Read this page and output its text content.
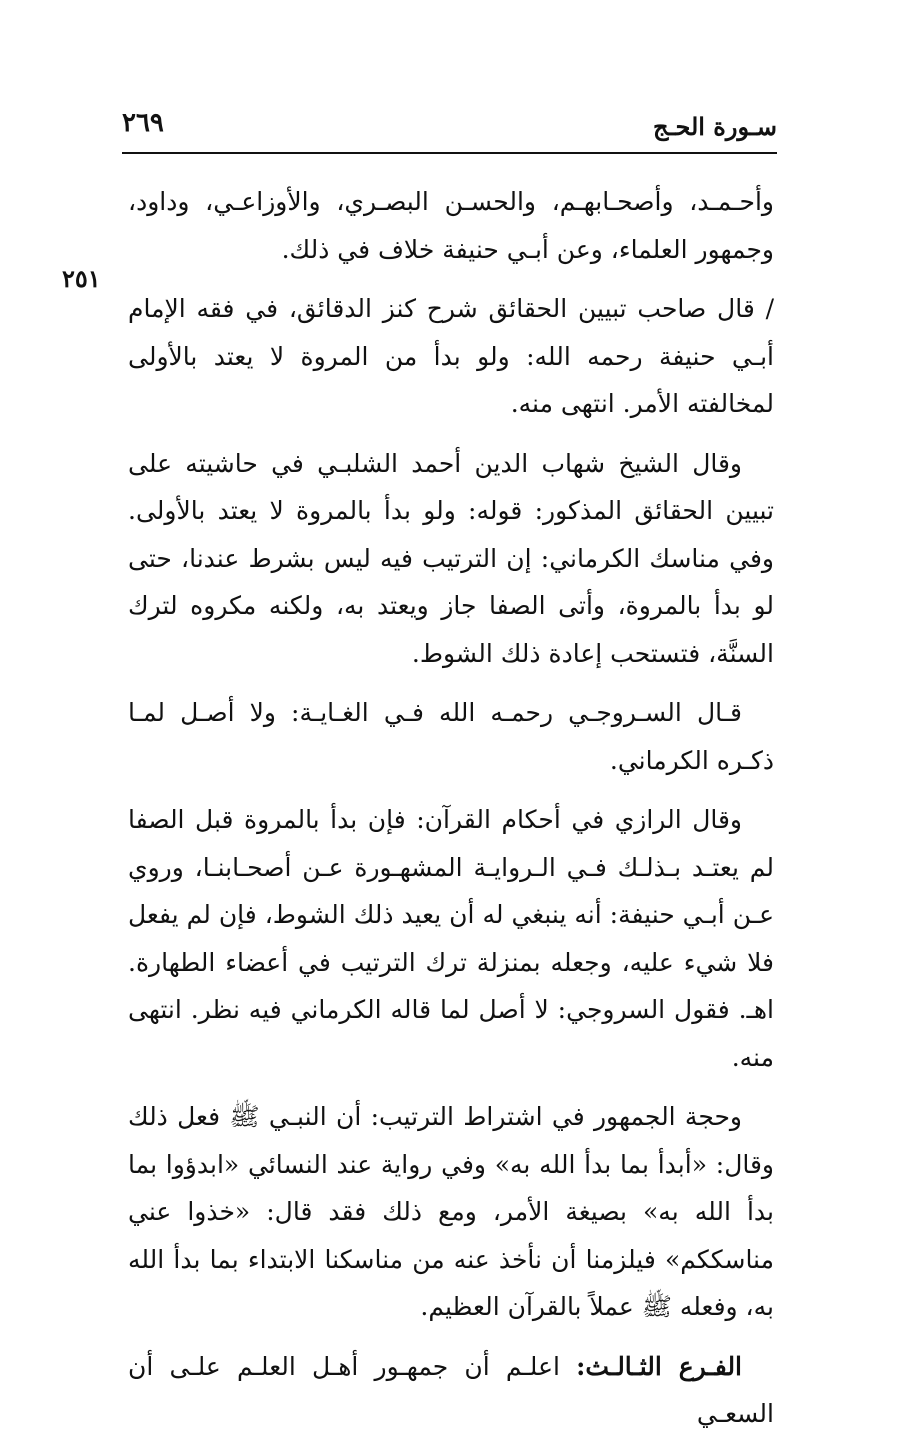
سـورة الحـج
٢٦٩
٢٥١

وأحـمـد، وأصحـابهـم، والحسـن البصـري، والأوزاعـي، وداود، وجمهور العلماء، وعن أبـي حنيفة خلاف في ذلك.

/ قال صاحب تبيين الحقائق شرح كنز الدقائق، في فقه الإمام أبـي حنيفة رحمه الله: ولو بدأ من المروة لا يعتد بالأولى لمخالفته الأمر. انتهى منه.

وقال الشيخ شهاب الدين أحمد الشلبـي في حاشيته على تبيين الحقائق المذكور: قوله: ولو بدأ بالمروة لا يعتد بالأولى. وفي مناسك الكرماني: إن الترتيب فيه ليس بشرط عندنا، حتى لو بدأ بالمروة، وأتى الصفا جاز ويعتد به، ولكنه مكروه لترك السنَّة، فتستحب إعادة ذلك الشوط.

قـال السـروجـي رحمـه الله فـي الغـايـة: ولا أصـل لمـا ذكـره الكرماني.

وقال الرازي في أحكام القرآن: فإن بدأ بالمروة قبل الصفا لم يعتـد بـذلـك فـي الـروايـة المشهـورة عـن أصحـابنـا، وروي عـن أبـي حنيفة: أنه ينبغي له أن يعيد ذلك الشوط، فإن لم يفعل فلا شيء عليه، وجعله بمنزلة ترك الترتيب في أعضاء الطهارة. اهـ. فقول السروجي: لا أصل لما قاله الكرماني فيه نظر. انتهى منه.

وحجة الجمهور في اشتراط الترتيب: أن النبـي ﷺ فعل ذلك وقال: «أبدأ بما بدأ الله به» وفي رواية عند النسائي «ابدؤوا بما بدأ الله به» بصيغة الأمر، ومع ذلك فقد قال: «خذوا عني مناسككم» فيلزمنا أن نأخذ عنه من مناسكنا الابتداء بما بدأ الله به، وفعله ﷺ عملاً بالقرآن العظيم.

الفـرع الثـالـث: اعلـم أن جمهـور أهـل العلـم علـى أن السعـي
